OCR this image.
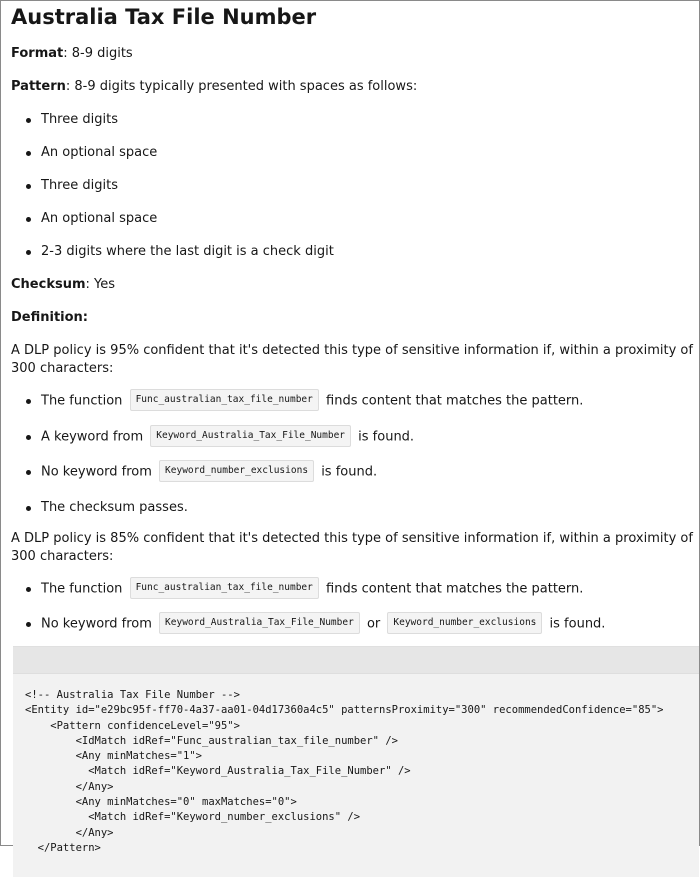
Australia Tax File Number

Format: 8-9 digits

Pattern: 8-9 digits typically presented with spaces as follows:

Three digits
An optional space
Three digits
An optional space
2-3 digits where the last digit is a check digit

Checksum: Yes

Definition:

A DLP policy is 95% confident that it's detected this type of sensitive information if, within a proximity of 300 characters:

The function Func_australian_tax_file_number finds content that matches the pattern.
A keyword from Keyword_Australia_Tax_File_Number is found.
No keyword from Keyword_number_exclusions is found.
The checksum passes.

A DLP policy is 85% confident that it's detected this type of sensitive information if, within a proximity of 300 characters:

The function Func_australian_tax_file_number finds content that matches the pattern.
No keyword from Keyword_Australia_Tax_File_Number or Keyword_number_exclusions is found.
<!-- Australia Tax File Number -->
<Entity id="e29bc95f-ff70-4a37-aa01-04d17360a4c5" patternsProximity="300" recommendedConfidence="85">
<Pattern confidenceLevel="95">
<IdMatch idRef="Func_australian_tax_file_number" />
<Any minMatches="1">
<Match idRef="Keyword_Australia_Tax_File_Number" />
</Any>
<Any minMatches="0" maxMatches="0">
<Match idRef="Keyword_number_exclusions" />
</Any>
</Pattern>
